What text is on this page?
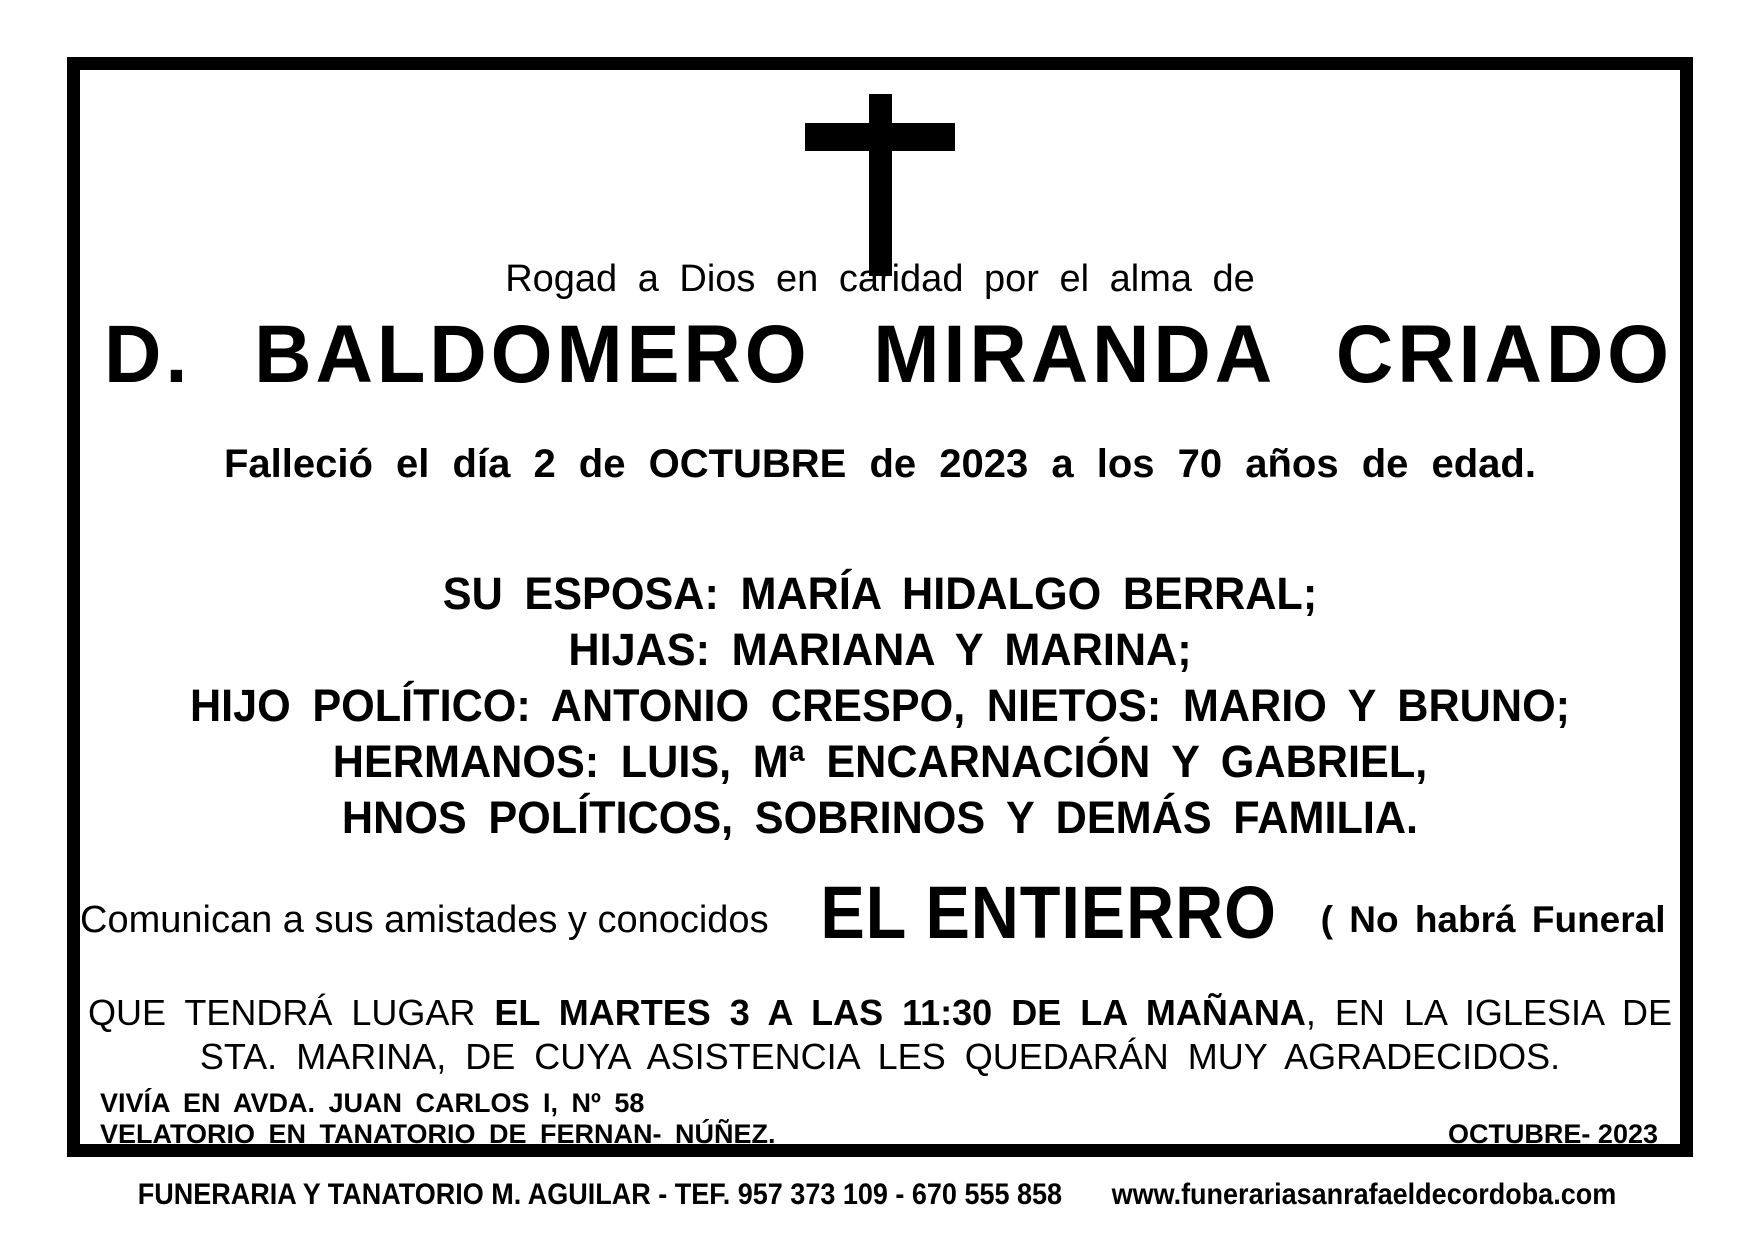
Rogad a Dios en caridad por el alma de
D. BALDOMERO MIRANDA CRIADO
Falleció el día 2 de OCTUBRE de 2023 a los 70 años de edad.
SU ESPOSA: MARÍA HIDALGO BERRAL;
HIJAS: MARIANA Y MARINA;
HIJO POLÍTICO: ANTONIO CRESPO, NIETOS: MARIO Y BRUNO;
HERMANOS: LUIS, Mª ENCARNACIÓN Y GABRIEL,
HNOS POLÍTICOS, SOBRINOS Y DEMÁS FAMILIA.
Comunican a sus amistades y conocidos EL ENTIERRO ( No habrá Funeral )
QUE TENDRÁ LUGAR EL MARTES 3 A LAS 11:30 DE LA MAÑANA, EN LA IGLESIA DE
STA. MARINA, DE CUYA ASISTENCIA LES QUEDARÁN MUY AGRADECIDOS.
VIVÍA EN AVDA. JUAN CARLOS I, Nº 58
VELATORIO EN TANATORIO DE FERNAN- NÚÑEZ.	OCTUBRE- 2023
FUNERARIA Y TANATORIO M. AGUILAR - TEF. 957 373 109 - 670 555 858 www.funerariasanrafaeldecordoba.com
